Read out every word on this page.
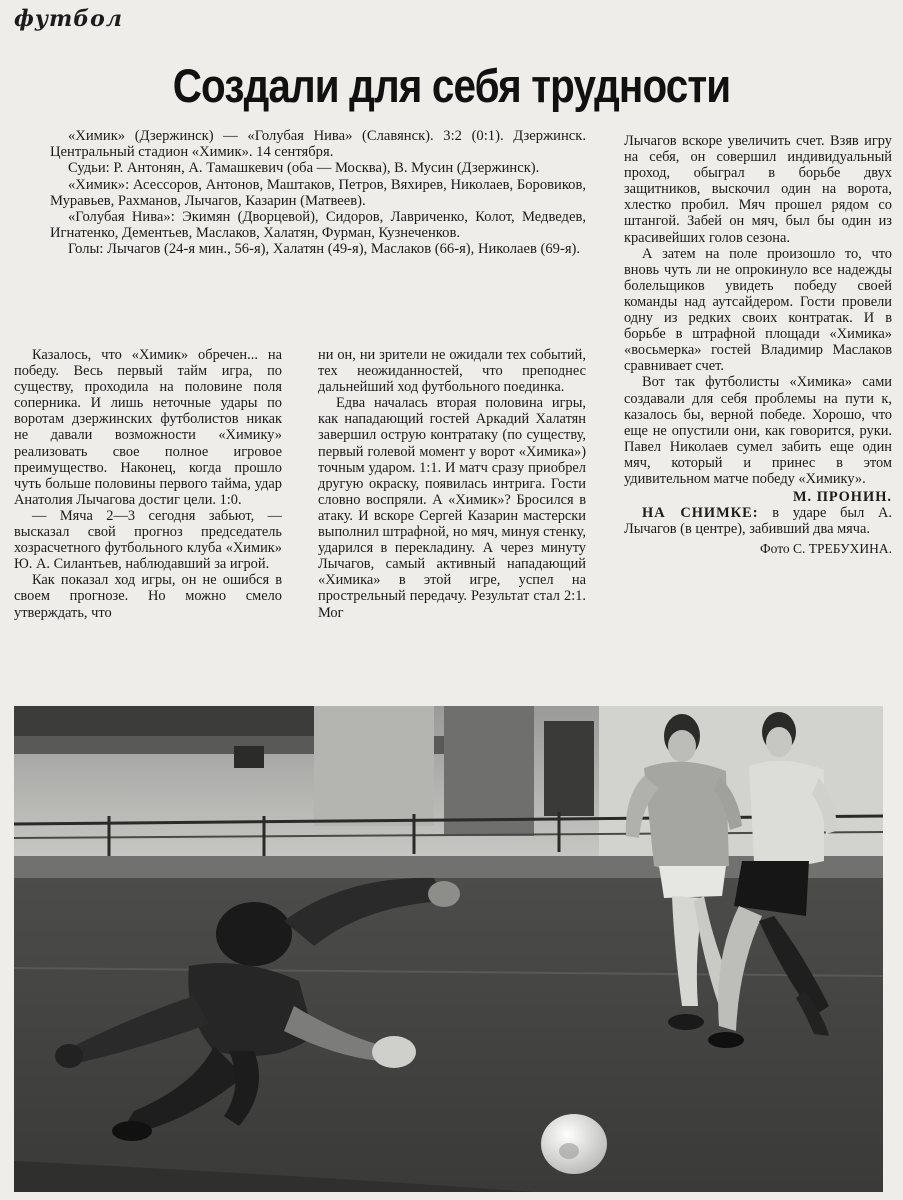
футбол
Создали для себя трудности

«Химик» (Дзержинск) — «Голубая Нива» (Славянск). 3:2 (0:1). Дзержинск. Центральный стадион «Химик». 14 сентября.

Судьи: Р. Антонян, А. Тамашкевич (оба — Москва), В. Мусин (Дзержинск).

«Химик»: Асессоров, Антонов, Маштаков, Петров, Вяхирев, Николаев, Боровиков, Муравьев, Рахманов, Лычагов, Казарин (Матвеев).

«Голубая Нива»: Экимян (Дворцевой), Сидоров, Лавриченко, Колот, Медведев, Игнатенко, Дементьев, Маслаков, Халатян, Фурман, Кузнеченков.

Голы: Лычагов (24-я мин., 56-я), Халатян (49-я), Маслаков (66-я), Николаев (69-я).

Казалось, что «Химик» обречен... на победу. Весь первый тайм игра, по существу, проходила на половине поля соперника. И лишь неточные удары по воротам дзержинских футболистов никак не давали возможности «Химику» реализовать свое полное игровое преимущество. Наконец, когда прошло чуть больше половины первого тайма, удар Анатолия Лычагова достиг цели. 1:0.

— Мяча 2—3 сегодня забьют, — высказал свой прогноз председатель хозрасчетного футбольного клуба «Химик» Ю. А. Силантьев, наблюдавший за игрой.

Как показал ход игры, он не ошибся в своем прогнозе. Но можно смело утверждать, что

ни он, ни зрители не ожидали тех событий, тех неожиданностей, что преподнес дальнейший ход футбольного поединка.

Едва началась вторая половина игры, как нападающий гостей Аркадий Халатян завершил острую контратаку (по существу, первый голевой момент у ворот «Химика») точным ударом. 1:1. И матч сразу приобрел другую окраску, появилась интрига. Гости словно воспряли. А «Химик»? Бросился в атаку. И вскоре Сергей Казарин мастерски выполнил штрафной, но мяч, минуя стенку, ударился в перекладину. А через минуту Лычагов, самый активный нападающий «Химика» в этой игре, успел на прострельный передачу. Результат стал 2:1. Мог

Лычагов вскоре увеличить счет. Взяв игру на себя, он совершил индивидуальный проход, обыграл в борьбе двух защитников, выскочил один на ворота, хлестко пробил. Мяч прошел рядом со штангой. Забей он мяч, был бы один из красивейших голов сезона.

А затем на поле произошло то, что вновь чуть ли не опрокинуло все надежды болельщиков увидеть победу своей команды над аутсайдером. Гости провели одну из редких своих контратак. И в борьбе в штрафной площади «Химика» «восьмерка» гостей Владимир Маслаков сравнивает счет.

Вот так футболисты «Химика» сами создавали для себя проблемы на пути к, казалось бы, верной победе. Хорошо, что еще не опустили они, как говорится, руки. Павел Николаев сумел забить еще один мяч, который и принес в этом удивительном матче победу «Химику».

М. ПРОНИН.

НА СНИМКЕ: в ударе был А. Лычагов (в центре), забивший два мяча.

Фото С. ТРЕБУХИНА.
